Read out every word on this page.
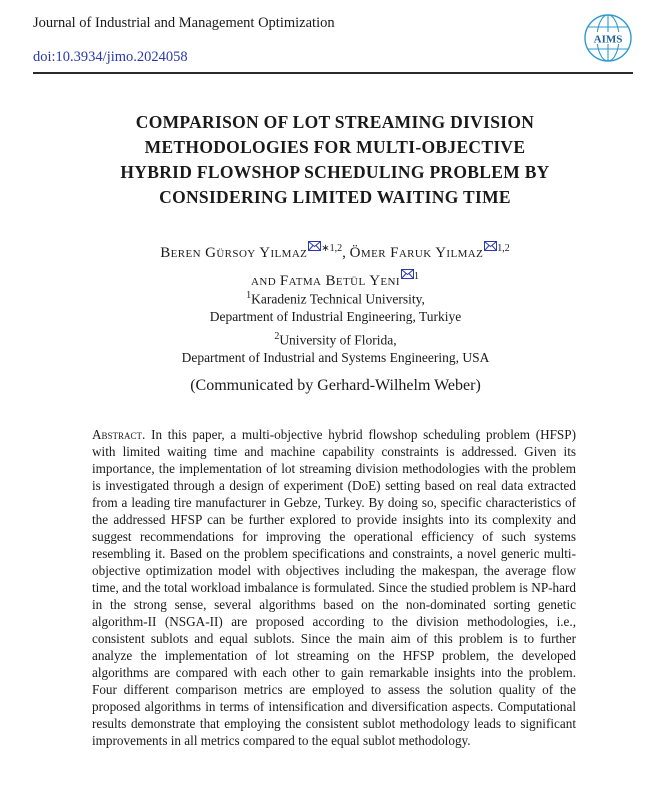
Journal of Industrial and Management Optimization
doi:10.3934/jimo.2024058
AIMS
COMPARISON OF LOT STREAMING DIVISION
METHODOLOGIES FOR MULTI-OBJECTIVE
HYBRID FLOWSHOP SCHEDULING PROBLEM BY
CONSIDERING LIMITED WAITING TIME
Beren Gürsoy Yilmaz $^{∗1,2}$, Ömer Faruk Yilmaz $^{1,2}$
and Fatma Betül Yeni $^1$
$^1$Karadeniz Technical University,
Department of Industrial Engineering, Turkiye
$^2$University of Florida,
Department of Industrial and Systems Engineering, USA
(Communicated by Gerhard-Wilhelm Weber)
Abstract. In this paper, a multi-objective hybrid flowshop scheduling problem (HFSP) with limited waiting time and machine capability constraints is addressed. Given its importance, the implementation of lot streaming division methodologies with the problem is investigated through a design of experiment (DoE) setting based on real data extracted from a leading tire manufacturer in Gebze, Turkey. By doing so, specific characteristics of the addressed HFSP can be further explored to provide insights into its complexity and suggest recommendations for improving the operational efficiency of such systems resembling it. Based on the problem specifications and constraints, a novel generic multi-objective optimization model with objectives including the makespan, the average flow time, and the total workload imbalance is formulated. Since the studied problem is NP-hard in the strong sense, several algorithms based on the non-dominated sorting genetic algorithm-II (NSGA-II) are proposed according to the division methodologies, i.e., consistent sublots and equal sublots. Since the main aim of this problem is to further analyze the implementation of lot streaming on the HFSP problem, the developed algorithms are compared with each other to gain remarkable insights into the problem. Four different comparison metrics are employed to assess the solution quality of the proposed algorithms in terms of intensification and diversification aspects. Computational results demonstrate that employing the consistent sublot methodology leads to significant improvements in all metrics compared to the equal sublot methodology.
